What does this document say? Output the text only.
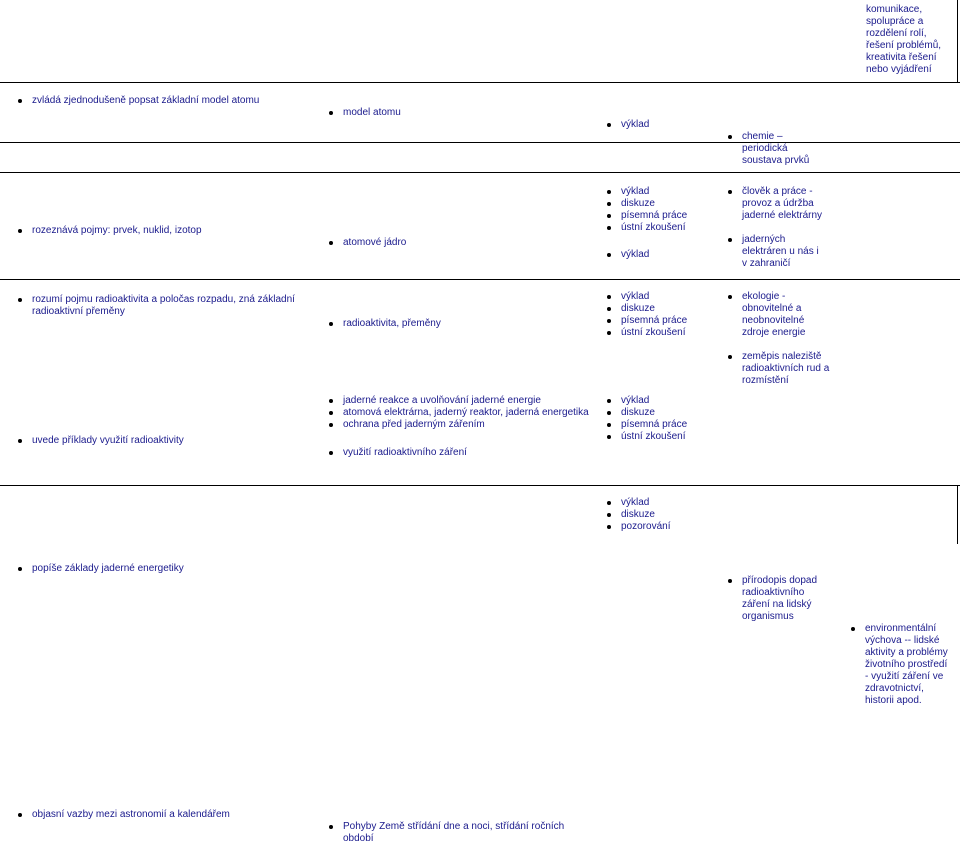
komunikace,
spolupráce a
rozdělení rolí,
řešení problémů,
kreativita řešení
nebo vyjádření
zvládá zjednodušeně popsat základní model atomu
model atomu
výklad
chemie –
periodická
soustava prvků
rozeznává pojmy: prvek, nuklid, izotop
atomové jádro
výklad
rozumí pojmu radioaktivita a poločas rozpadu, zná základní radioaktivní přeměny
radioaktivita, přeměny
výklad
diskuze
písemná práce
ústní zkoušení
člověk a práce -
provoz a údržba
jaderné elektrárny
jaderných
elektráren u nás i
v zahraničí
uvede příklady využití radioaktivity
využití radioaktivního záření
výklad
diskuze
písemná práce
ústní zkoušení
ekologie -
obnovitelné a
neobnovitelné
zdroje energie
zeměpis naleziště
radioaktivních rud a
rozmístění
popíše základy jaderné energetiky
jaderné reakce a uvolňování jaderné energie
atomová elektrárna, jaderný reaktor, jaderná energetika
ochrana před jaderným zářením
výklad
diskuze
písemná práce
ústní zkoušení
přírodopis dopad
radioaktivního
záření na lidský
organismus
environmentální
výchova -- lidské
aktivity a problémy
životního prostředí
- využití záření ve
zdravotnictví,
historii apod.
objasní vazby mezi astronomií a kalendářem
Pohyby Země střídání dne a noci, střídání ročních
období
výklad
diskuze
pozorování
